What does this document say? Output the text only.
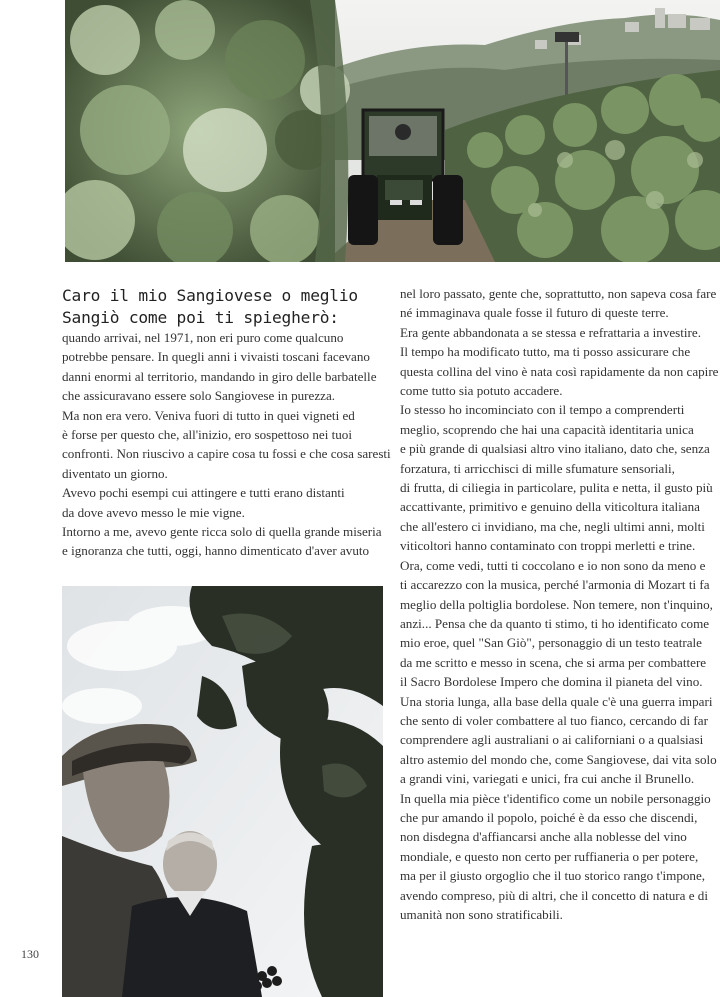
Caro il mio Sangiovese o meglio
Sangiò come poi ti spiegherò:

quando arrivai, nel 1971, non eri puro come qualcuno
potrebbe pensare. In quegli anni i vivaisti toscani facevano
danni enormi al territorio, mandando in giro delle barbatelle
che assicuravano essere solo Sangiovese in purezza.

Ma non era vero. Veniva fuori di tutto in quei vigneti ed
è forse per questo che, all'inizio, ero sospettoso nei tuoi
confronti. Non riuscivo a capire cosa tu fossi e che cosa saresti
diventato un giorno.

Avevo pochi esempi cui attingere e tutti erano distanti
da dove avevo messo le mie vigne.

Intorno a me, avevo gente ricca solo di quella grande miseria
e ignoranza che tutti, oggi, hanno dimenticato d'aver avuto

nel loro passato, gente che, soprattutto, non sapeva cosa fare
né immaginava quale fosse il futuro di queste terre.

Era gente abbandonata a se stessa e refrattaria a investire.

Il tempo ha modificato tutto, ma ti posso assicurare che
questa collina del vino è nata così rapidamente da non capire
come tutto sia potuto accadere.

Io stesso ho incominciato con il tempo a comprenderti
meglio, scoprendo che hai una capacità identitaria unica
e più grande di qualsiasi altro vino italiano, dato che, senza
forzatura, ti arricchisci di mille sfumature sensoriali,
di frutta, di ciliegia in particolare, pulita e netta, il gusto più
accattivante, primitivo e genuino della viticoltura italiana
che all'estero ci invidiano, ma che, negli ultimi anni, molti
viticoltori hanno contaminato con troppi merletti e trine.

Ora, come vedi, tutti ti coccolano e io non sono da meno e
ti accarezzo con la musica, perché l'armonia di Mozart ti fa
meglio della poltiglia bordolese. Non temere, non t'inquino,
anzi... Pensa che da quanto ti stimo, ti ho identificato come
mio eroe, quel "San Giò", personaggio di un testo teatrale
da me scritto e messo in scena, che si arma per combattere
il Sacro Bordolese Impero che domina il pianeta del vino.

Una storia lunga, alla base della quale c'è una guerra impari
che sento di voler combattere al tuo fianco, cercando di far
comprendere agli australiani o ai californiani o a qualsiasi
altro astemio del mondo che, come Sangiovese, dai vita solo
a grandi vini, variegati e unici, fra cui anche il Brunello.

In quella mia pièce t'identifico come un nobile personaggio
che pur amando il popolo, poiché è da esso che discendi,
non disdegna d'affiancarsi anche alla noblesse del vino
mondiale, e questo non certo per ruffianeria o per potere,
ma per il giusto orgoglio che il tuo storico rango t'impone,
avendo compreso, più di altri, che il concetto di natura e di
umanità non sono stratificabili.

130
